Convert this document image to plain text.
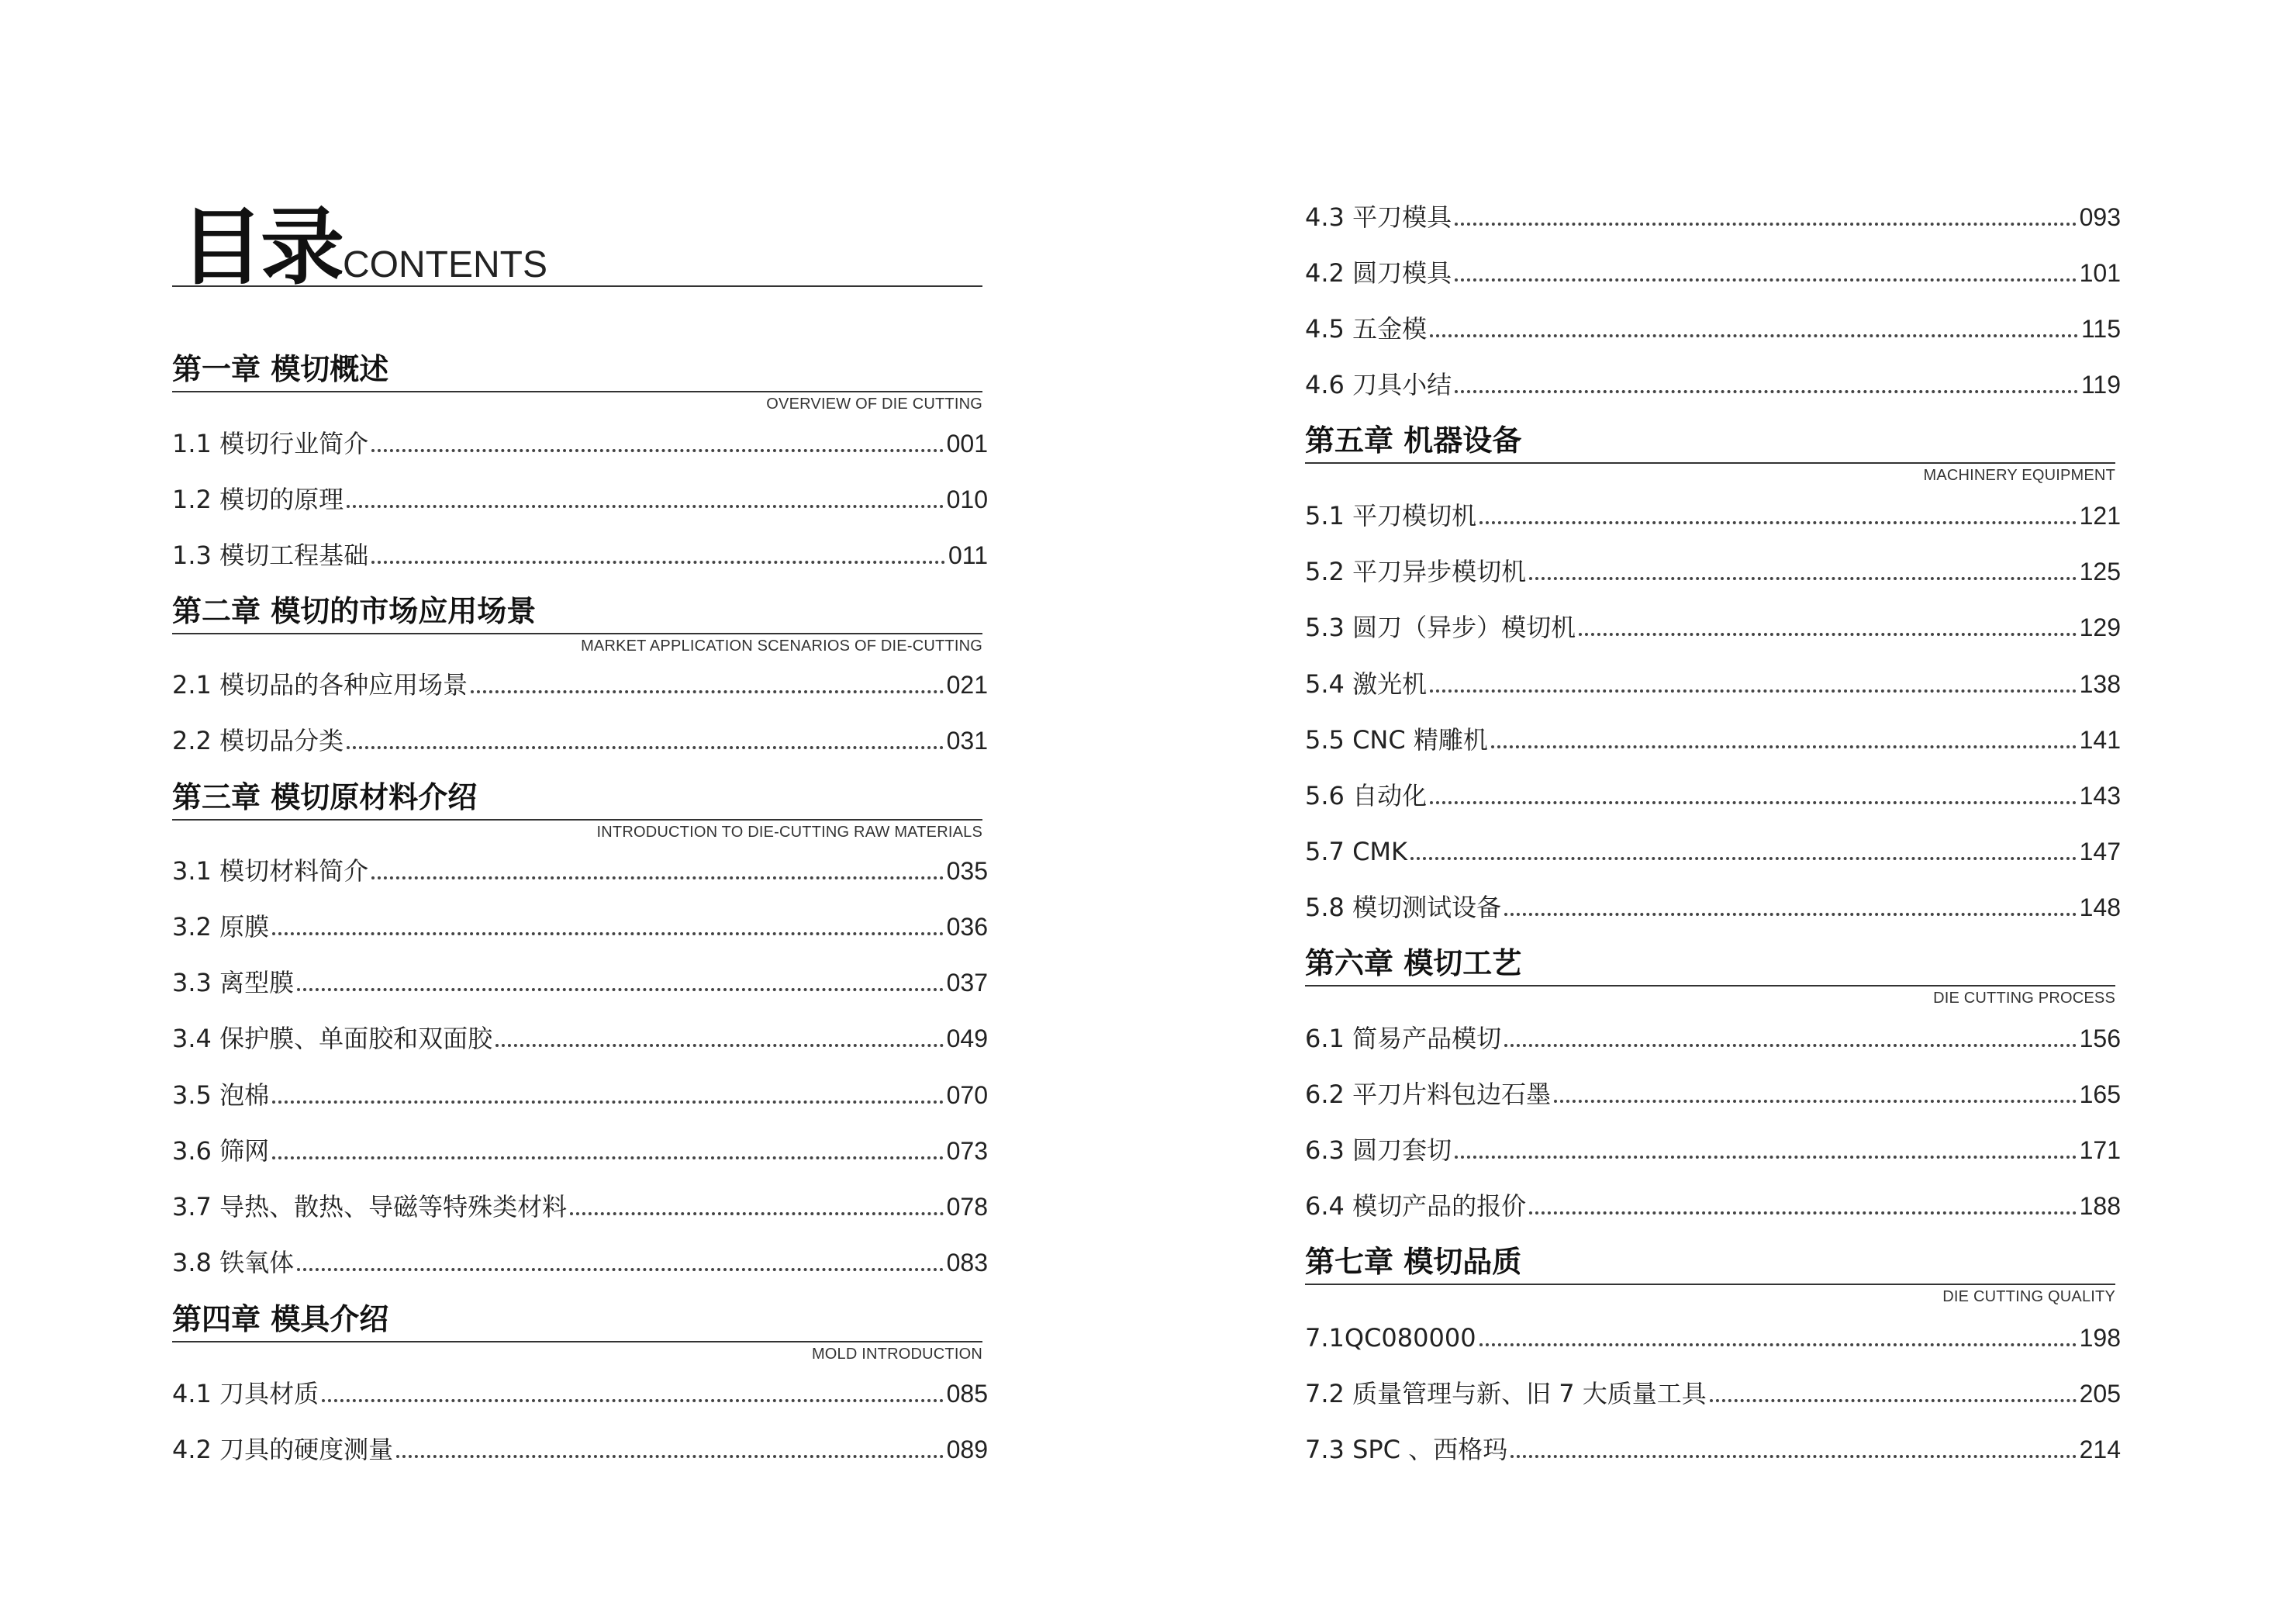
目录 CONTENTS
第一章 模切概述
OVERVIEW OF DIE CUTTING
1.1 模切行业简介	001
1.2 模切的原理	010
1.3 模切工程基础	011
第二章 模切的市场应用场景
MARKET APPLICATION SCENARIOS OF DIE-CUTTING
2.1 模切品的各种应用场景	021
2.2 模切品分类	031
第三章 模切原材料介绍
INTRODUCTION TO DIE-CUTTING RAW MATERIALS
3.1 模切材料简介	035
3.2 原膜	036
3.3 离型膜	037
3.4 保护膜、单面胶和双面胶	049
3.5 泡棉	070
3.6 筛网	073
3.7 导热、散热、导磁等特殊类材料	078
3.8 铁氧体	083
第四章 模具介绍
MOLD INTRODUCTION
4.1 刀具材质	085
4.2 刀具的硬度测量	089
4.3 平刀模具	093
4.2 圆刀模具	101
4.5 五金模	115
4.6 刀具小结	119
第五章 机器设备
MACHINERY EQUIPMENT
5.1 平刀模切机	121
5.2 平刀异步模切机	125
5.3 圆刀（异步）模切机	129
5.4 激光机	138
5.5 CNC 精雕机	141
5.6 自动化	143
5.7 CMK	147
5.8 模切测试设备	148
第六章 模切工艺
DIE CUTTING PROCESS
6.1 简易产品模切	156
6.2 平刀片料包边石墨	165
6.3 圆刀套切	171
6.4 模切产品的报价	188
第七章 模切品质
DIE CUTTING QUALITY
7.1QC080000	198
7.2 质量管理与新、旧 7 大质量工具	205
7.3 SPC 、西格玛	214
